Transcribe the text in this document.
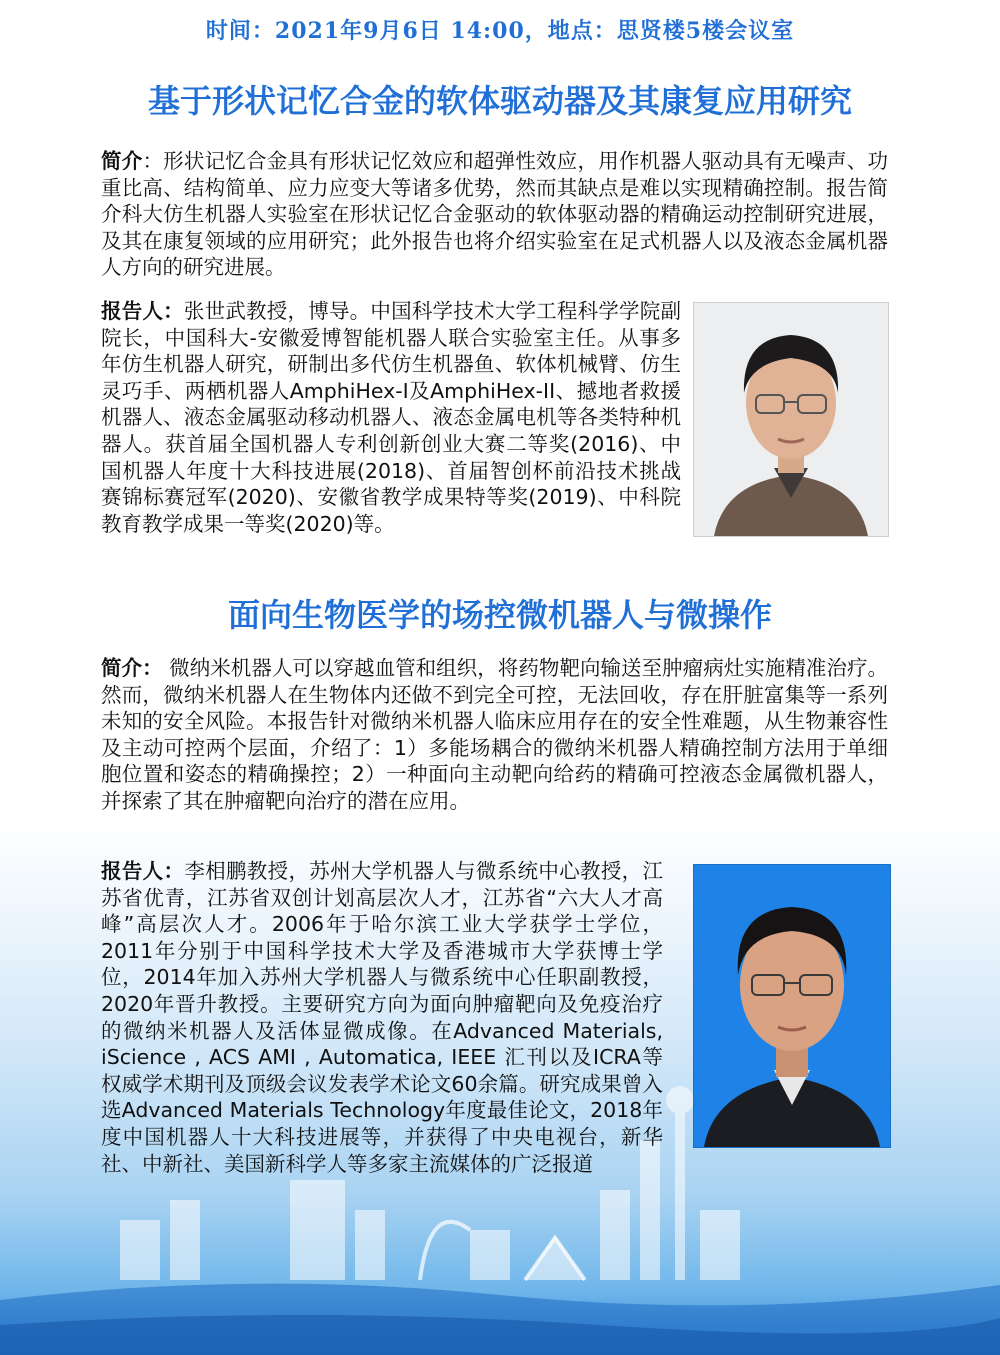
时间：2021年9月6日 14:00，地点：思贤楼5楼会议室
基于形状记忆合金的软体驱动器及其康复应用研究
简介：形状记忆合金具有形状记忆效应和超弹性效应，用作机器人驱动具有无噪声、功重比高、结构简单、应力应变大等诸多优势，然而其缺点是难以实现精确控制。报告简介科大仿生机器人实验室在形状记忆合金驱动的软体驱动器的精确运动控制研究进展，及其在康复领域的应用研究；此外报告也将介绍实验室在足式机器人以及液态金属机器人方向的研究进展。
报告人：张世武教授，博导。中国科学技术大学工程科学学院副院长，中国科大-安徽爱博智能机器人联合实验室主任。从事多年仿生机器人研究，研制出多代仿生机器鱼、软体机械臂、仿生灵巧手、两栖机器人AmphiHex-I及AmphiHex-II、撼地者救援机器人、液态金属驱动移动机器人、液态金属电机等各类特种机器人。获首届全国机器人专利创新创业大赛二等奖(2016)、中国机器人年度十大科技进展(2018)、首届智创杯前沿技术挑战赛锦标赛冠军(2020)、安徽省教学成果特等奖(2019)、中科院教育教学成果一等奖(2020)等。
面向生物医学的场控微机器人与微操作
简介： 微纳米机器人可以穿越血管和组织，将药物靶向输送至肿瘤病灶实施精准治疗。然而，微纳米机器人在生物体内还做不到完全可控，无法回收，存在肝脏富集等一系列未知的安全风险。本报告针对微纳米机器人临床应用存在的安全性难题，从生物兼容性及主动可控两个层面，介绍了：1）多能场耦合的微纳米机器人精确控制方法用于单细胞位置和姿态的精确操控；2）一种面向主动靶向给药的精确可控液态金属微机器人，并探索了其在肿瘤靶向治疗的潜在应用。
报告人：李相鹏教授，苏州大学机器人与微系统中心教授，江苏省优青，江苏省双创计划高层次人才，江苏省“六大人才高峰”高层次人才。2006年于哈尔滨工业大学获学士学位，2011年分别于中国科学技术大学及香港城市大学获博士学位，2014年加入苏州大学机器人与微系统中心任职副教授，2020年晋升教授。主要研究方向为面向肿瘤靶向及免疫治疗的微纳米机器人及活体显微成像。在Advanced Materials, iScience , ACS AMI , Automatica, IEEE 汇刊以及ICRA等权威学术期刊及顶级会议发表学术论文60余篇。研究成果曾入选Advanced Materials Technology年度最佳论文，2018年度中国机器人十大科技进展等，并获得了中央电视台，新华社、中新社、美国新科学人等多家主流媒体的广泛报道
